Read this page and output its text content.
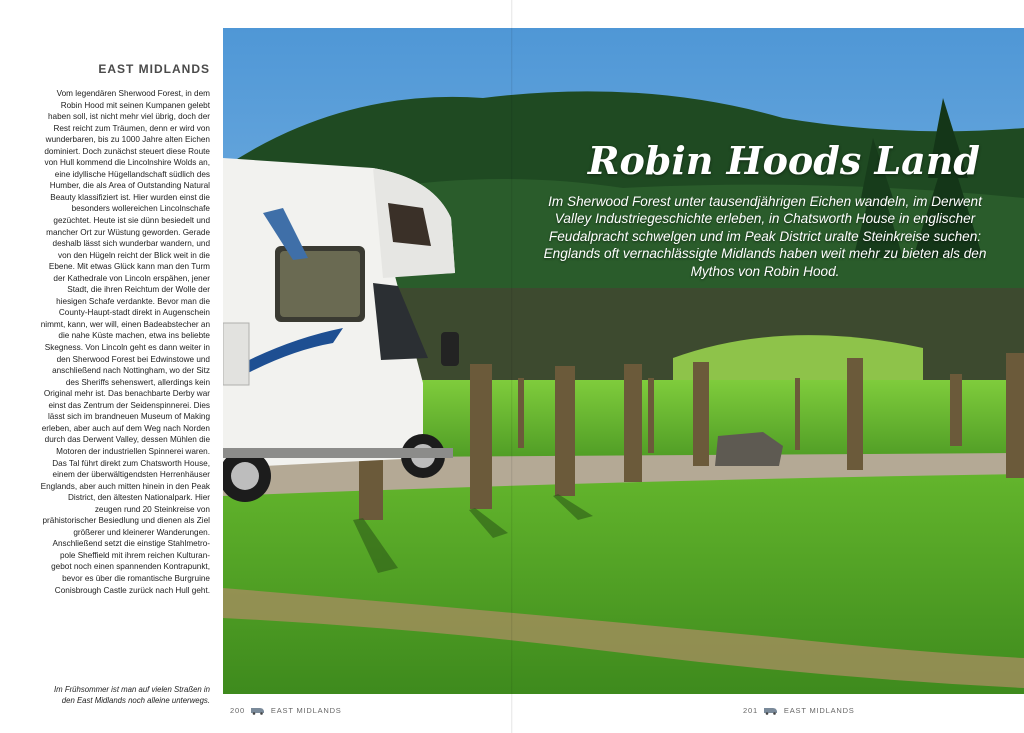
EAST MIDLANDS

Vom legendären Sherwood Forest, in dem Robin Hood mit seinen Kumpanen gelebt haben soll, ist nicht mehr viel übrig, doch der Rest reicht zum Träumen, denn er wird von wunderbaren, bis zu 1000 Jahre alten Eichen dominiert. Doch zunächst steuert diese Route von Hull kommend die Lincolnshire Wolds an, eine idyllische Hügellandschaft südlich des Humber, die als Area of Outstanding Natural Beauty klassifiziert ist. Hier wurden einst die besonders wollereichen Lincolnschafe gezüchtet. Heute ist sie dünn besiedelt und mancher Ort zur Wüstung geworden. Gerade deshalb lässt sich wunderbar wandern, und von den Hügeln reicht der Blick weit in die Ebene. Mit etwas Glück kann man den Turm der Kathedrale von Lincoln erspähen, jener Stadt, die ihren Reichtum der Wolle der hiesigen Schafe verdankte. Bevor man die County-Haupt-stadt direkt in Augenschein nimmt, kann, wer will, einen Badeabstecher an die nahe Küste machen, etwa ins beliebte Skegness. Von Lincoln geht es dann weiter in den Sherwood Forest bei Edwinstowe und anschließend nach Nottingham, wo der Sitz des Sheriffs sehenswert, allerdings kein Original mehr ist. Das benachbarte Derby war einst das Zentrum der Seidenspinnerei. Dies lässt sich im brandneuen Museum of Making erleben, aber auch auf dem Weg nach Norden durch das Derwent Valley, dessen Mühlen die Motoren der industriellen Spinnerei waren. Das Tal führt direkt zum Chatsworth House, einem der überwältigendsten Herrenhäuser Englands, aber auch mitten hinein in den Peak District, den ältesten Nationalpark. Hier zeugen rund 20 Steinkreise von prähistorischer Besiedlung und dienen als Ziel größerer und kleinerer Wanderungen. Anschließend setzt die einstige Stahlmetro-pole Sheffield mit ihrem reichen Kulturan-gebot noch einen spannenden Kontrapunkt, bevor es über die romantische Burgruine Conisbrough Castle zurück nach Hull geht.

Im Frühsommer ist man auf vielen Straßen in den East Midlands noch alleine unterwegs.

Robin Hoods Land

Im Sherwood Forest unter tausendjährigen Eichen wandeln, im Derwent Valley Industriegeschichte erleben, in Chatsworth House in englischer Feudalpracht schwelgen und im Peak District uralte Steinkreise suchen: Englands oft vernachlässigte Midlands haben weit mehr zu bieten als den Mythos von Robin Hood.

200	EAST MIDLANDS	201	EAST MIDLANDS
